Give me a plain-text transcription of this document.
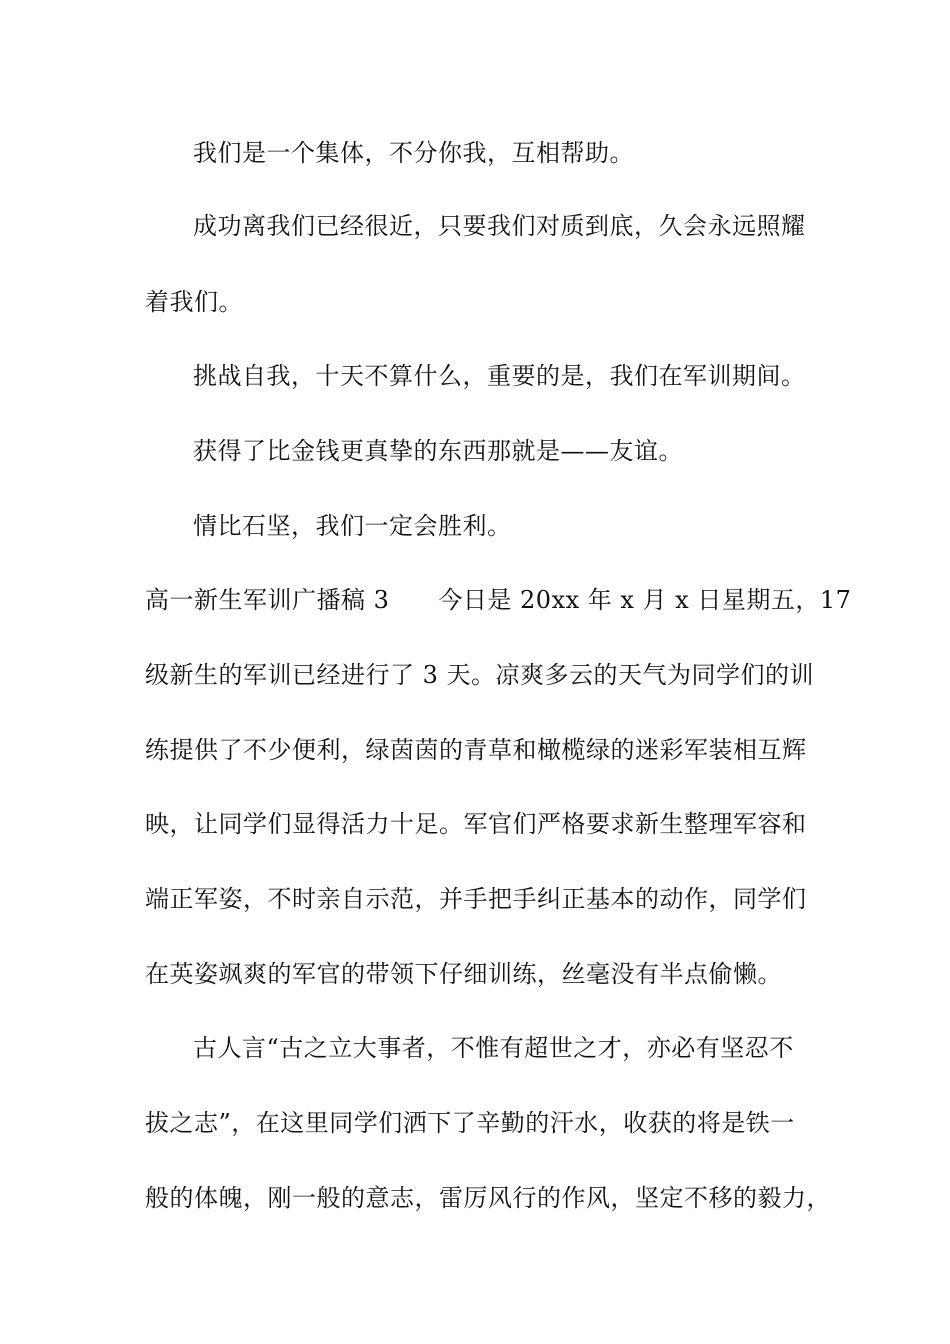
我们是一个集体，不分你我，互相帮助。
成功离我们已经很近，只要我们对质到底，久会永远照耀
着我们。
挑战自我，十天不算什么，重要的是，我们在军训期间。
获得了比金钱更真挚的东西那就是——友谊。
情比石坚，我们一定会胜利。
高一新生军训广播稿 3　　今日是 20xx 年 x 月 x 日星期五，17
级新生的军训已经进行了 3 天。凉爽多云的天气为同学们的训
练提供了不少便利，绿茵茵的青草和橄榄绿的迷彩军装相互辉
映，让同学们显得活力十足。军官们严格要求新生整理军容和
端正军姿，不时亲自示范，并手把手纠正基本的动作，同学们
在英姿飒爽的军官的带领下仔细训练，丝毫没有半点偷懒。
古人言“古之立大事者，不惟有超世之才，亦必有坚忍不
拔之志”，在这里同学们洒下了辛勤的汗水，收获的将是铁一
般的体魄，刚一般的意志，雷厉风行的作风，坚定不移的毅力，
